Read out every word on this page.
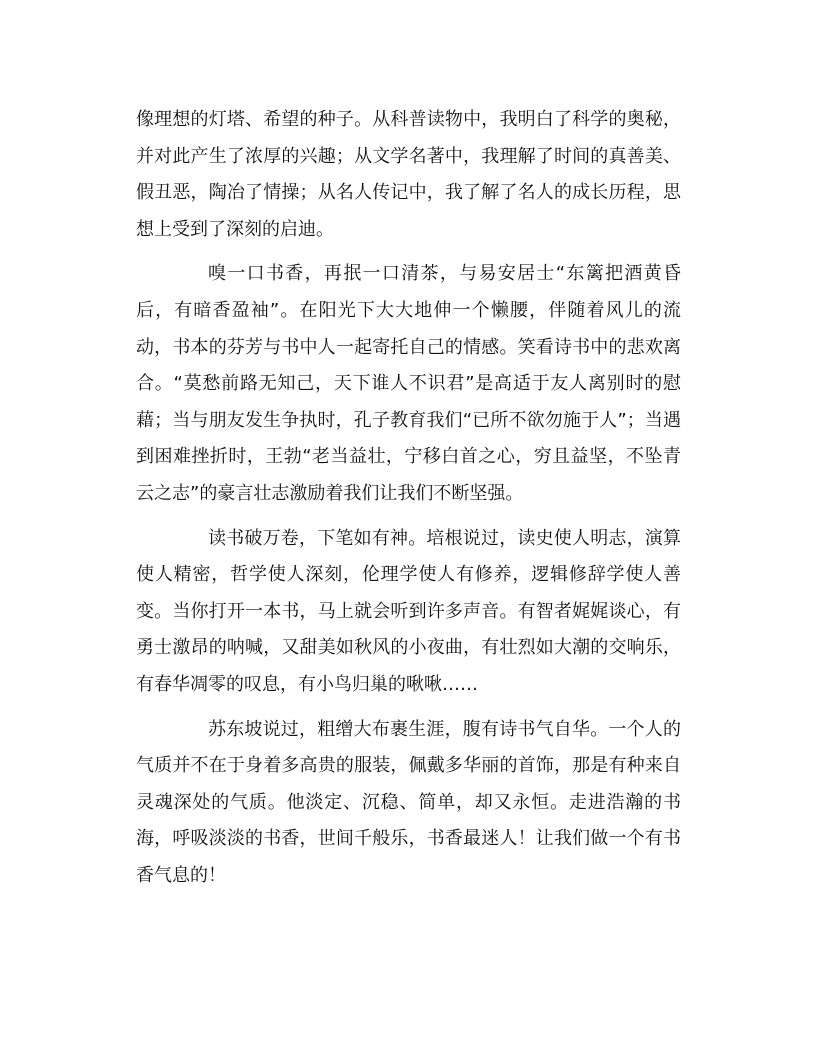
像理想的灯塔、希望的种子。从科普读物中，我明白了科学的奥秘，并对此产生了浓厚的兴趣；从文学名著中，我理解了时间的真善美、假丑恶，陶冶了情操；从名人传记中，我了解了名人的成长历程，思想上受到了深刻的启迪。

嗅一口书香，再抿一口清茶，与易安居士“东篱把酒黄昏后，有暗香盈袖”。在阳光下大大地伸一个懒腰，伴随着风儿的流动，书本的芬芳与书中人一起寄托自己的情感。笑看诗书中的悲欢离合。“莫愁前路无知己，天下谁人不识君”是高适于友人离别时的慰藉；当与朋友发生争执时，孔子教育我们“已所不欲勿施于人”；当遇到困难挫折时，王勃“老当益壮，宁移白首之心，穷且益坚，不坠青云之志”的豪言壮志激励着我们让我们不断坚强。

读书破万卷，下笔如有神。培根说过，读史使人明志，演算使人精密，哲学使人深刻，伦理学使人有修养，逻辑修辞学使人善变。当你打开一本书，马上就会听到许多声音。有智者娓娓谈心，有勇士激昂的呐喊，又甜美如秋风的小夜曲，有壮烈如大潮的交响乐，有春华凋零的叹息，有小鸟归巢的啾啾……

苏东坡说过，粗缯大布裹生涯，腹有诗书气自华。一个人的气质并不在于身着多高贵的服装，佩戴多华丽的首饰，那是有种来自灵魂深处的气质。他淡定、沉稳、简单，却又永恒。走进浩瀚的书海，呼吸淡淡的书香，世间千般乐，书香最迷人！让我们做一个有书香气息的！
